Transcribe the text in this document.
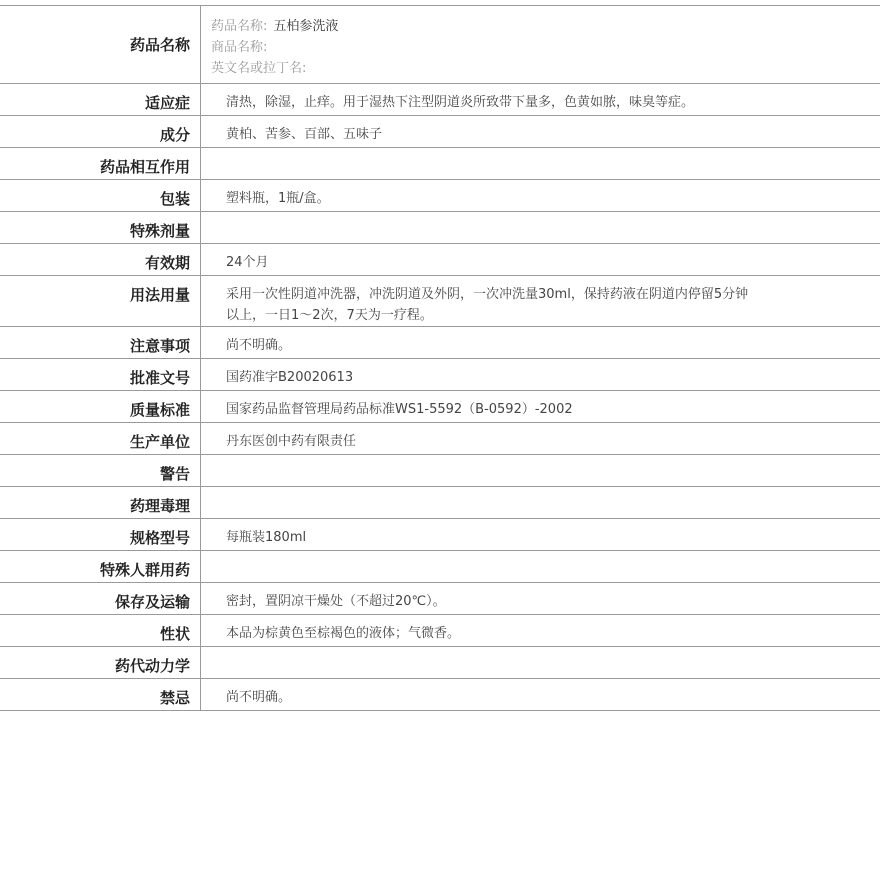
药品名称	药品名称: 五柏参洗液
商品名称:
英文名或拉丁名:

适应症	清热，除湿，止痒。用于湿热下注型阴道炎所致带下量多，色黄如脓，味臭等症。

成分	黄柏、苦参、百部、五味子

药品相互作用	

包装	塑料瓶，1瓶/盒。

特殊剂量	

有效期	24个月

用法用量	采用一次性阴道冲洗器，冲洗阴道及外阴，一次冲洗量30ml，保持药液在阴道内停留5分钟以上，一日1～2次，7天为一疗程。

注意事项	尚不明确。

批准文号	国药准字B20020613

质量标准	国家药品监督管理局药品标准WS1-5592（B-0592）-2002

生产单位	丹东医创中药有限责任

警告	

药理毒理	

规格型号	每瓶装180ml

特殊人群用药	

保存及运输	密封，置阴凉干燥处（不超过20℃）。

性状	本品为棕黄色至棕褐色的液体；气微香。

药代动力学	

禁忌	尚不明确。
